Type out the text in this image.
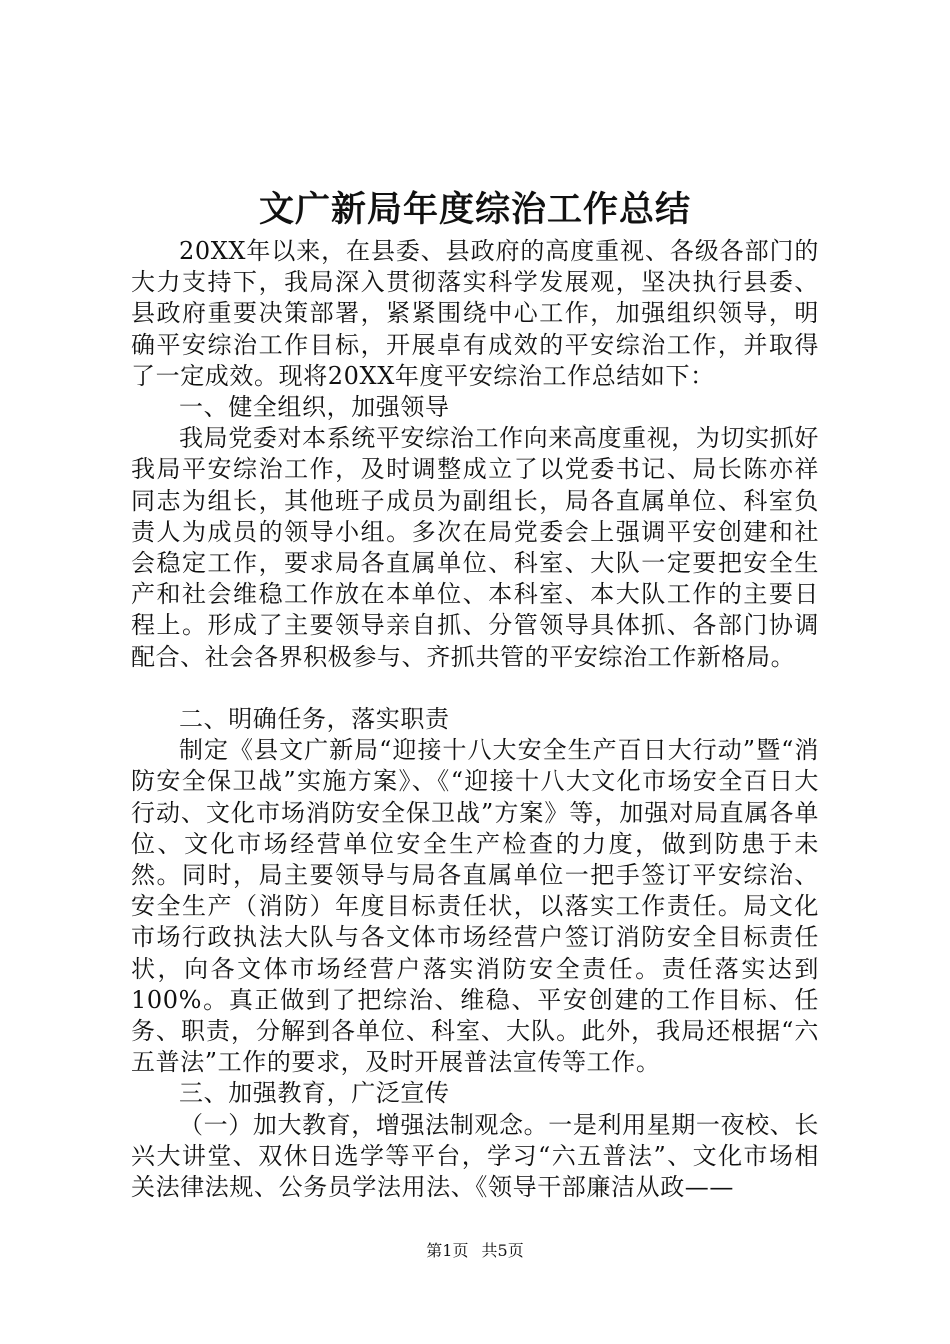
文广新局年度综治工作总结

20XX年以来，在县委、县政府的高度重视、各级各部门的大力支持下，我局深入贯彻落实科学发展观，坚决执行县委、县政府重要决策部署，紧紧围绕中心工作，加强组织领导，明确平安综治工作目标，开展卓有成效的平安综治工作，并取得了一定成效。现将20XX年度平安综治工作总结如下：

一、健全组织，加强领导

我局党委对本系统平安综治工作向来高度重视，为切实抓好我局平安综治工作，及时调整成立了以党委书记、局长陈亦祥同志为组长，其他班子成员为副组长，局各直属单位、科室负责人为成员的领导小组。多次在局党委会上强调平安创建和社会稳定工作，要求局各直属单位、科室、大队一定要把安全生产和社会维稳工作放在本单位、本科室、本大队工作的主要日程上。形成了主要领导亲自抓、分管领导具体抓、各部门协调配合、社会各界积极参与、齐抓共管的平安综治工作新格局。

二、明确任务，落实职责

制定《县文广新局“迎接十八大安全生产百日大行动”暨“消防安全保卫战”实施方案》、《“迎接十八大文化市场安全百日大行动、文化市场消防安全保卫战”方案》等，加强对局直属各单位、文化市场经营单位安全生产检查的力度，做到防患于未然。同时，局主要领导与局各直属单位一把手签订平安综治、安全生产（消防）年度目标责任状，以落实工作责任。局文化市场行政执法大队与各文体市场经营户签订消防安全目标责任状，向各文体市场经营户落实消防安全责任。责任落实达到100%。真正做到了把综治、维稳、平安创建的工作目标、任务、职责，分解到各单位、科室、大队。此外，我局还根据“六五普法”工作的要求，及时开展普法宣传等工作。

三、加强教育，广泛宣传

（一）加大教育，增强法制观念。一是利用星期一夜校、长兴大讲堂、双休日选学等平台，学习“六五普法”、文化市场相关法律法规、公务员学法用法、《领导干部廉洁从政——

第1页 共5页
